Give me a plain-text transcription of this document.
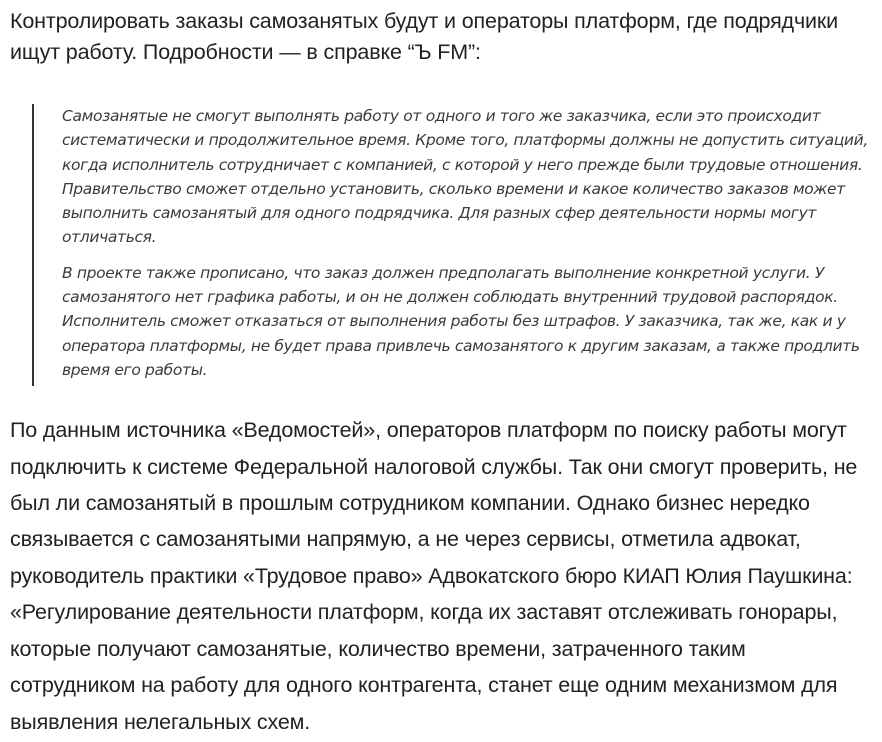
Контролировать заказы самозанятых будут и операторы платформ, где подрядчики ищут работу. Подробности — в справке “Ъ FM”:

Самозанятые не смогут выполнять работу от одного и того же заказчика, если это происходит систематически и продолжительное время. Кроме того, платформы должны не допустить ситуаций, когда исполнитель сотрудничает с компанией, с которой у него прежде были трудовые отношения. Правительство сможет отдельно установить, сколько времени и какое количество заказов может выполнить самозанятый для одного подрядчика. Для разных сфер деятельности нормы могут отличаться.

В проекте также прописано, что заказ должен предполагать выполнение конкретной услуги. У самозанятого нет графика работы, и он не должен соблюдать внутренний трудовой распорядок. Исполнитель сможет отказаться от выполнения работы без штрафов. У заказчика, так же, как и у оператора платформы, не будет права привлечь самозанятого к другим заказам, а также продлить время его работы.

По данным источника «Ведомостей», операторов платформ по поиску работы могут подключить к системе Федеральной налоговой службы. Так они смогут проверить, не был ли самозанятый в прошлым сотрудником компании. Однако бизнес нередко связывается с самозанятыми напрямую, а не через сервисы, отметила адвокат, руководитель практики «Трудовое право» Адвокатского бюро КИАП Юлия Паушкина: «Регулирование деятельности платформ, когда их заставят отслеживать гонорары, которые получают самозанятые, количество времени, затраченного таким сотрудником на работу для одного контрагента, станет еще одним механизмом для выявления нелегальных схем.
